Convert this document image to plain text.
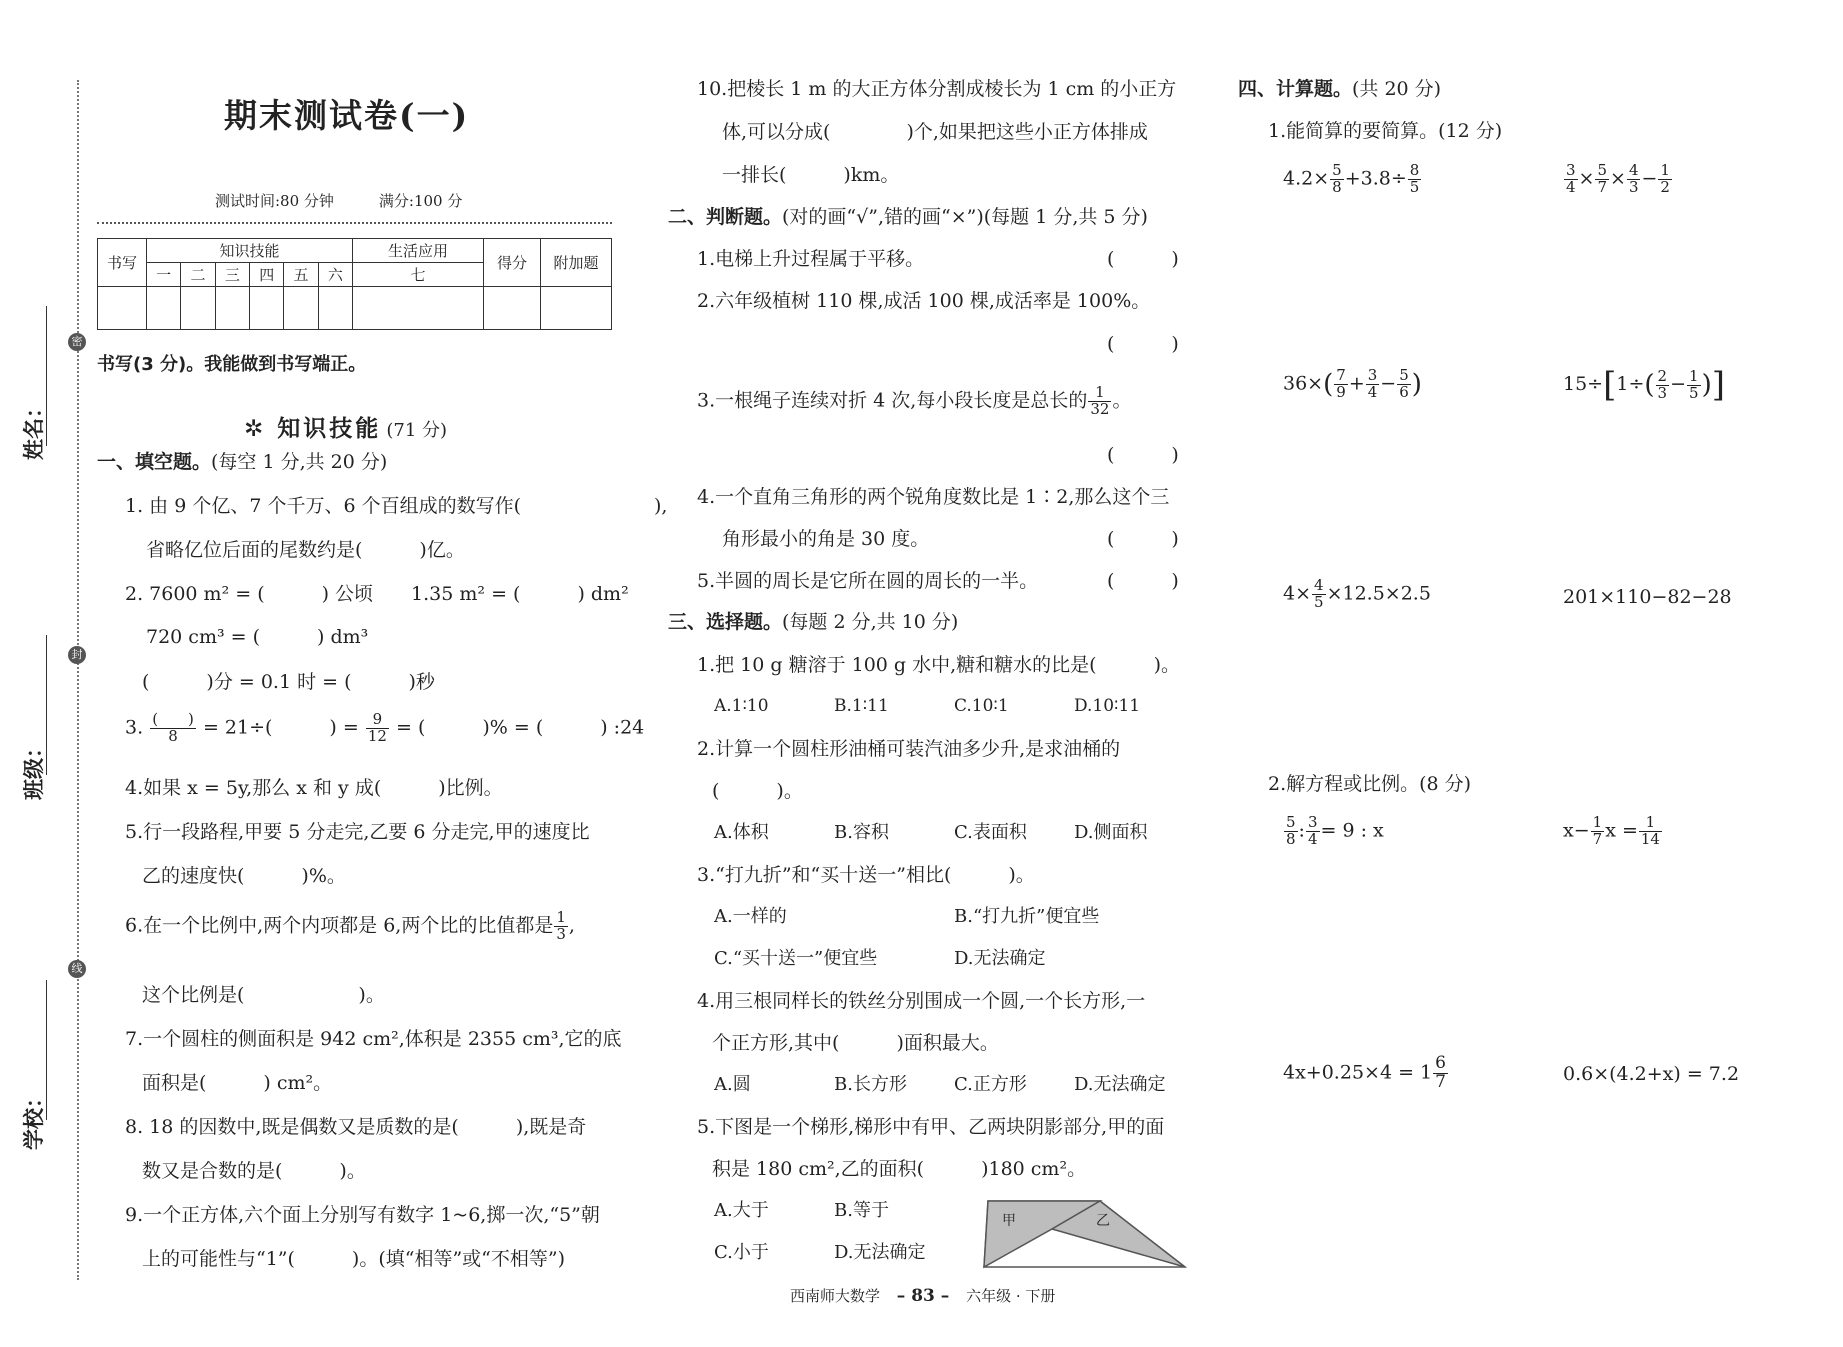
姓名：
班级：
学校：
密
封
线
期末测试卷(一)
测试时间:80 分钟　　　满分:100 分
书写	知识技能						生活应用	得分	附加题
	一	二	三	四	五	六	七		

书写(3 分)。我能做到书写端正。
✲ 知识技能 (71 分)
一、填空题。(每空 1 分,共 20 分)
1. 由 9 个亿、7 个千万、6 个百组成的数写作(　　　　　　　),
省略亿位后面的尾数约是(　　　)亿。
2. 7600 m² = (　　　) 公顷　　1.35 m² = (　　　) dm²
720 cm³ = (　　　) dm³
(　　　)分 = 0.1 时 = (　　　)秒
3. $\frac{( )}{8} = 21\div$(　　　) = $\frac{9}{12}$ = (　　　)% = (　　　) :24
4.如果 x = 5y,那么 x 和 y 成(　　　)比例。
5.行一段路程,甲要 5 分走完,乙要 6 分走完,甲的速度比
乙的速度快(　　　)%。
6.在一个比例中,两个内项都是 6,两个比的比值都是 $\frac{1}{3}$ ,
这个比例是(　　　　　　)。
7.一个圆柱的侧面积是 942 cm²,体积是 2355 cm³,它的底
面积是(　　　) cm²。
8. 18 的因数中,既是偶数又是质数的是(　　　),既是奇
数又是合数的是(　　　)。
9.一个正方体,六个面上分别写有数字 1~6,掷一次,“5”朝
上的可能性与“1”(　　　)。(填“相等”或“不相等”)
10.把棱长 1 m 的大正方体分割成棱长为 1 cm 的小正方
体,可以分成(　　　　)个,如果把这些小正方体排成
一排长(　　　)km。
二、判断题。(对的画“√”,错的画“×”)(每题 1 分,共 5 分)
1.电梯上升过程属于平移。	(　　　)
2.六年级植树 110 棵,成活 100 棵,成活率是 100%。
(　　　)
3.一根绳子连续对折 4 次,每小段长度是总长的 $\frac{1}{32}$ 。
(　　　)
4.一个直角三角形的两个锐角度数比是 1∶2,那么这个三
角形最小的角是 30 度。	(　　　)
5.半圆的周长是它所在圆的周长的一半。	(　　　)
三、选择题。(每题 2 分,共 10 分)
1.把 10 g 糖溶于 100 g 水中,糖和糖水的比是(　　　)。
A.1∶10	B.1∶11	C.10∶1	D.10∶11
2.计算一个圆柱形油桶可装汽油多少升,是求油桶的
(　　　)。
A.体积	B.容积	C.表面积	D.侧面积
3.“打九折”和“买十送一”相比(　　　)。
A.一样的	B.“打九折”便宜些
C.“买十送一”便宜些	D.无法确定
4.用三根同样长的铁丝分别围成一个圆,一个长方形,一
个正方形,其中(　　　)面积最大。
A.圆	B.长方形	C.正方形	D.无法确定
5.下图是一个梯形,梯形中有甲、乙两块阴影部分,甲的面
积是 180 cm²,乙的面积(　　　)180 cm²。
A.大于	B.等于
C.小于	D.无法确定
甲	乙
西南师大数学 – 83 – 六年级 · 下册
四、计算题。(共 20 分)
1.能简算的要简算。(12 分)
$4.2\times \frac{5}{8} +3.8\div \frac{8}{5}$	$\frac{3}{4} \times \frac{5}{7} \times \frac{4}{3} - \frac{1}{2}$
$36\times( \frac{7}{9} + \frac{3}{4} - \frac{5}{6}$ )	$15\div[1\div( \frac{2}{3} - \frac{1}{5}$ )]
$4\times \frac{4}{5} \times 12.5\times 2.5$	201×110−82−28
2.解方程或比例。(8 分)
$\frac{5}{8}$ : $\frac{3}{4} = 9$ : x	$x- \frac{1}{7}$ $x = \frac{1}{14}$
$4x+0.25\times 4 = 1 \frac{6}{7}$	0.6×(4.2+x) = 7.2
